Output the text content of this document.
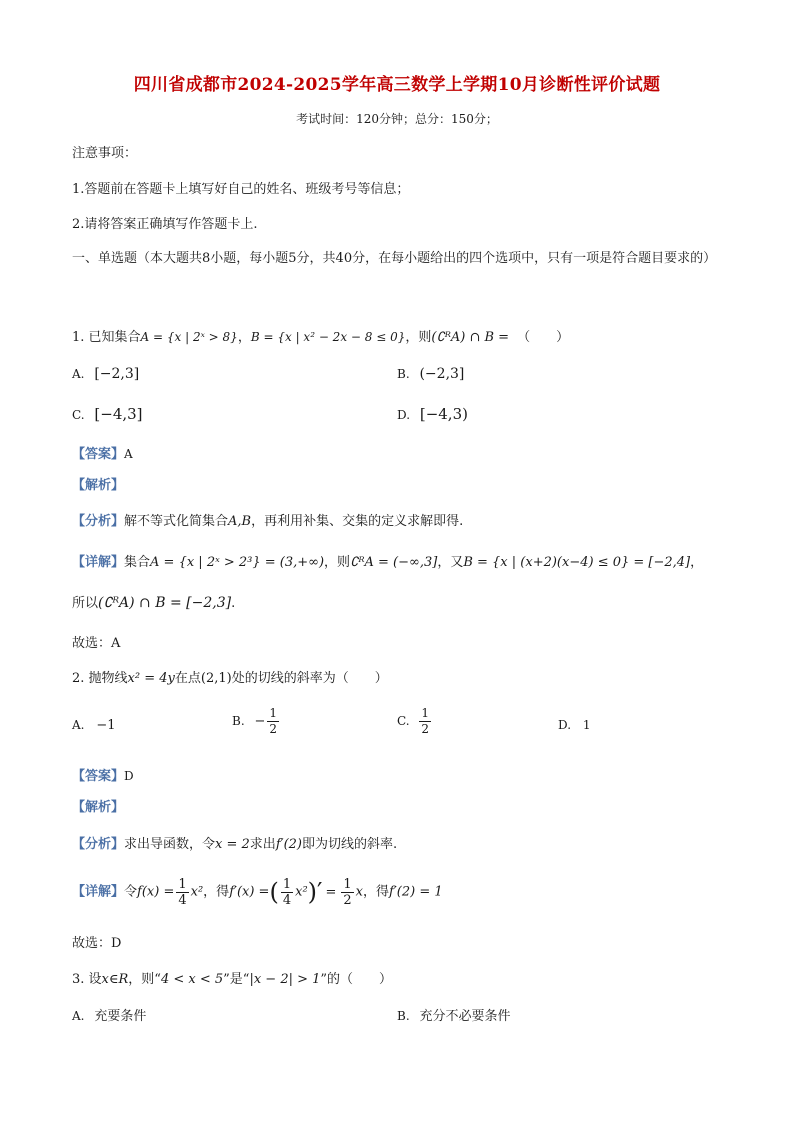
四川省成都市2024-2025学年高三数学上学期10月诊断性评价试题
考试时间：120分钟；总分：150分；
注意事项：
1.答题前在答题卡上填写好自己的姓名、班级考号等信息；
2.请将答案正确填写作答题卡上.
一、单选题（本大题共8小题，每小题5分，共40分，在每小题给出的四个选项中，只有一项是符合题目要求的）
1. 已知集合A = {x | 2ˣ > 8}，B = {x | x² − 2x − 8 ≤ 0}，则(∁ᴿA) ∩ B = （　　）
A. [−2,3]	B. (−2,3]
C. [−4,3]	D. [−4,3)
【答案】A
【解析】
【分析】解不等式化简集合A,B，再利用补集、交集的定义求解即得.
【详解】集合A = {x | 2ˣ > 2³} = (3,+∞)，则∁ᴿA = (−∞,3]，又B = {x | (x+2)(x−4) ≤ 0} = [−2,4]，
所以(∁ᴿA) ∩ B = [−2,3].
故选：A
2. 抛物线x² = 4y在点(2,1)处的切线的斜率为（　　）
A. −1	B. − $\frac{1}{2}$	C. $\frac{1}{2}$	D. 1
【答案】D
【解析】
【分析】求出导函数，令x = 2求出f′(2)即为切线的斜率.
【详解】令$f(x) = \frac{1}{4} x^2$，得f′(x) =( $\frac{1}{4} x^2)' = \frac{1}{2}$ x，得f′(2) = 1
故选：D
3. 设x∈R，则“4 < x < 5”是“|x − 2| > 1”的（　　）
A. 充要条件	B. 充分不必要条件
